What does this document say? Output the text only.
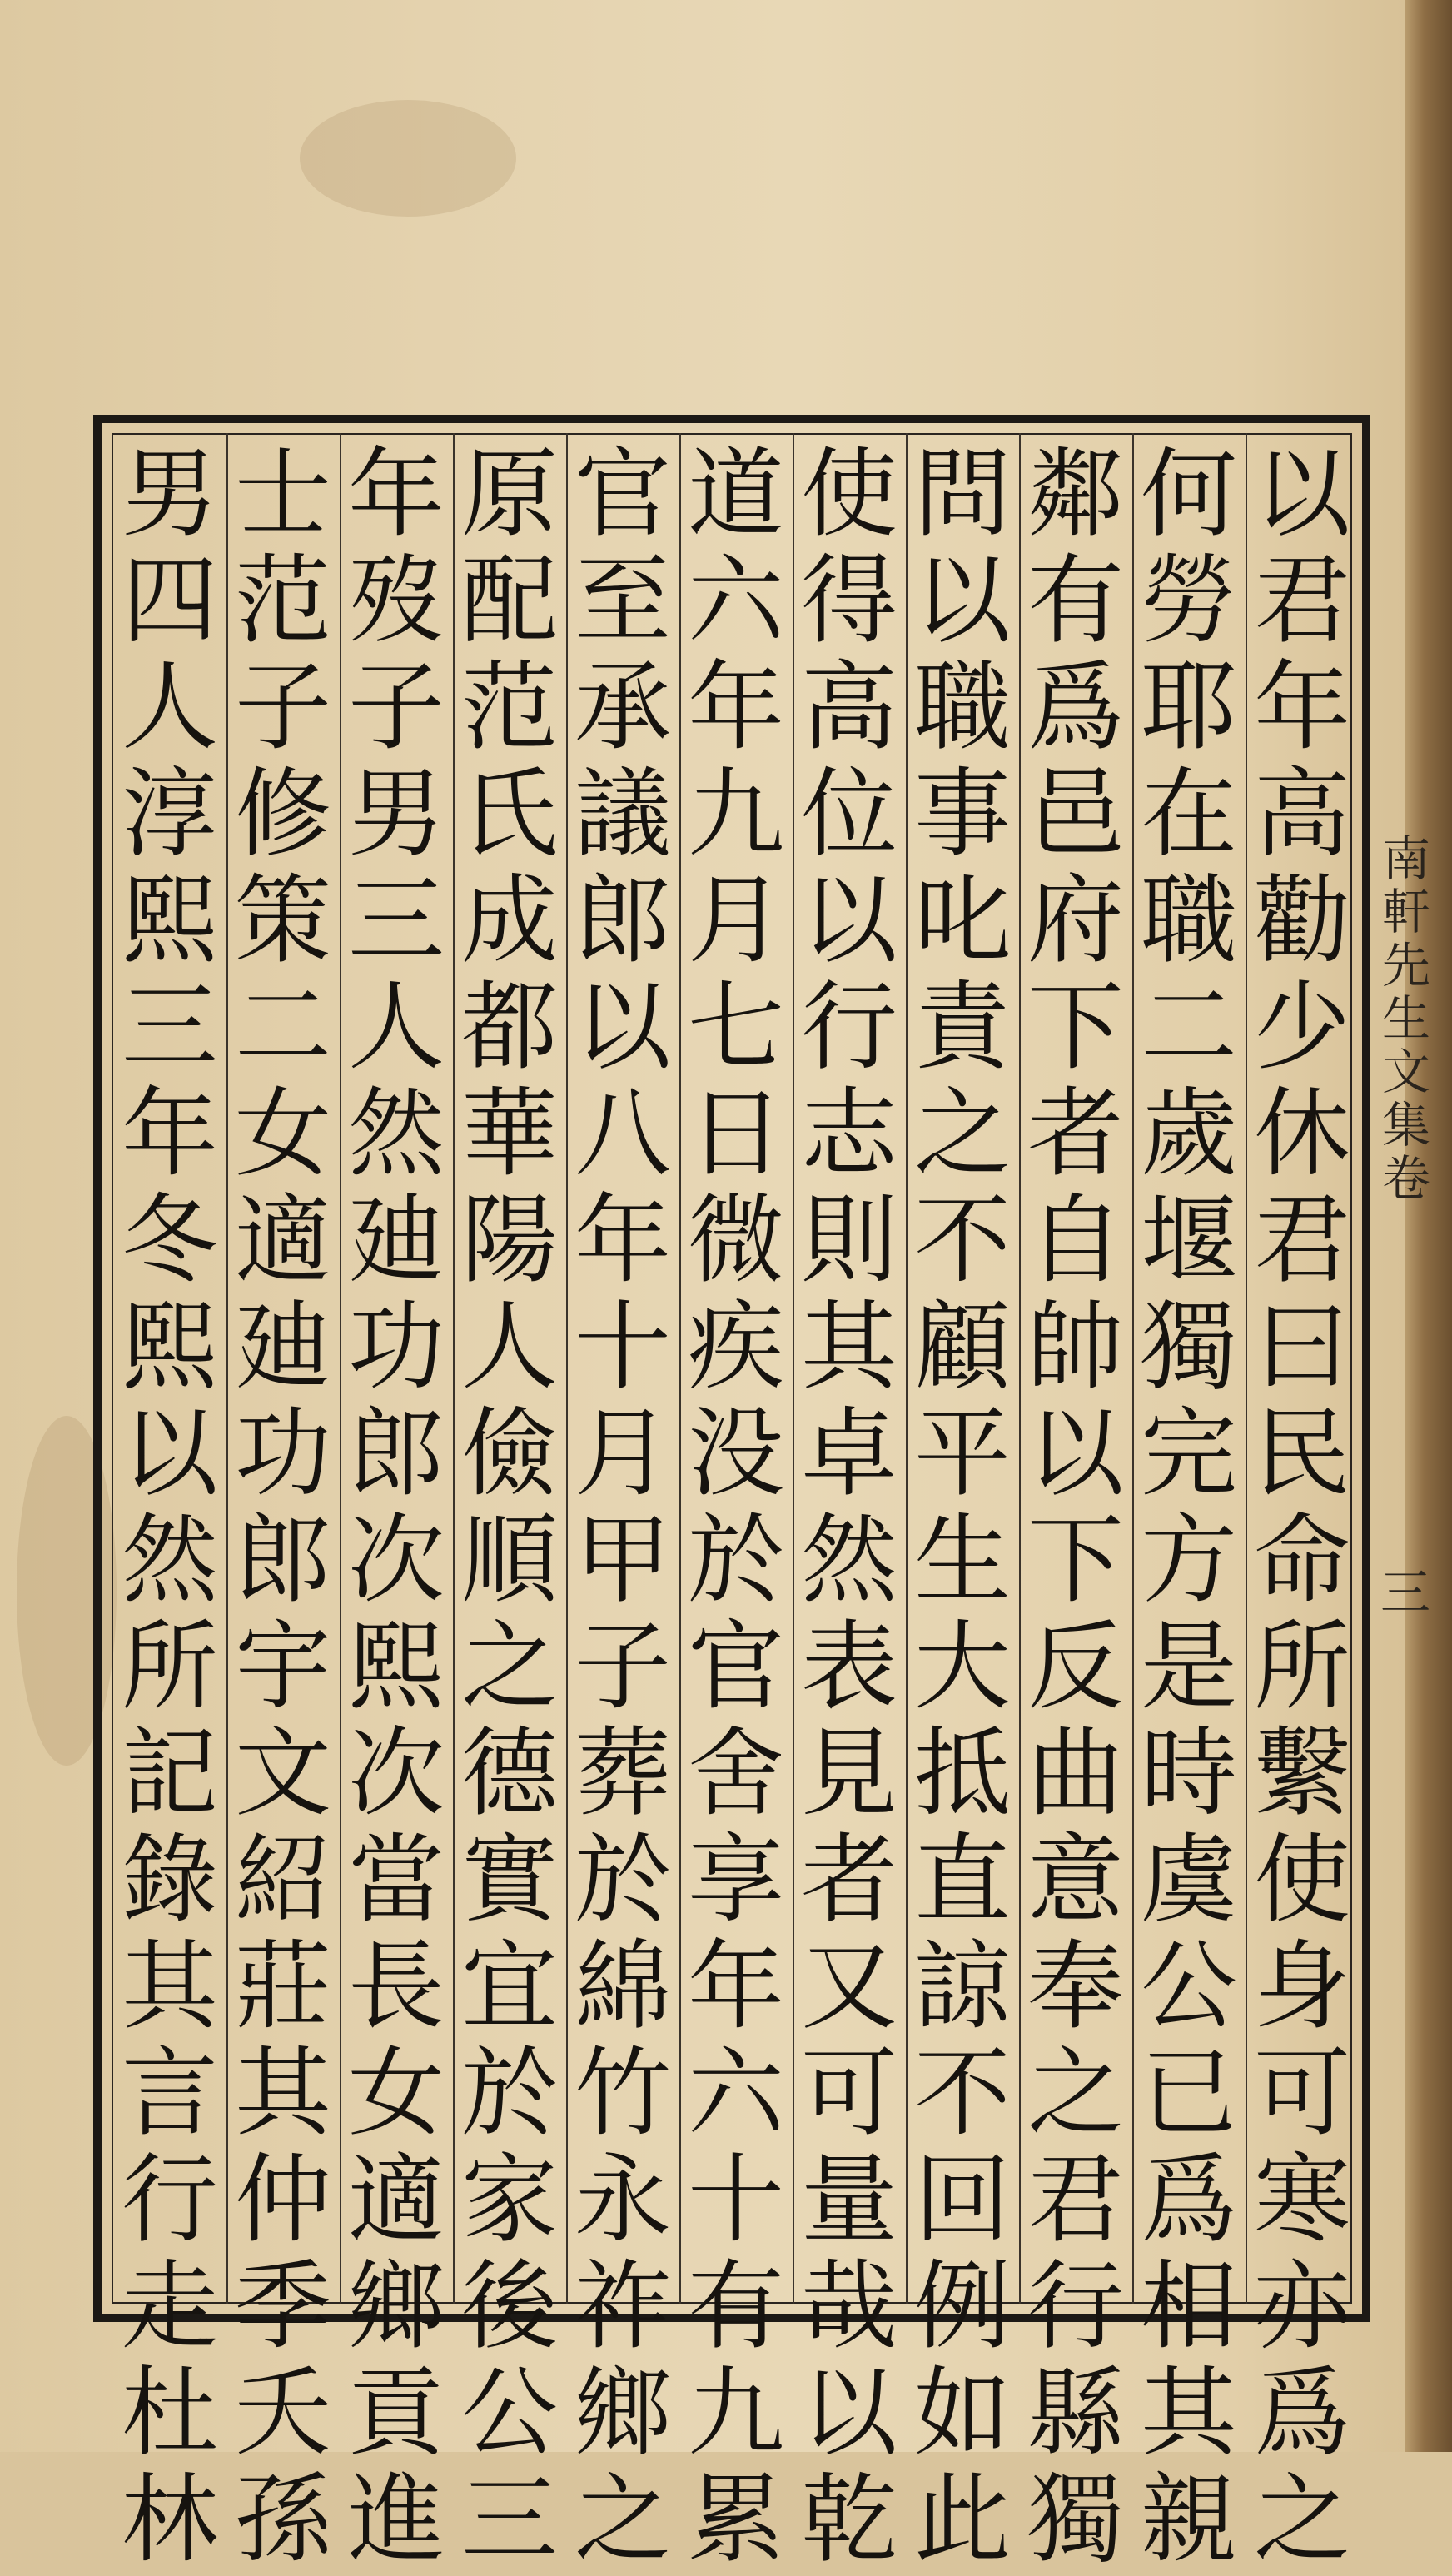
以
君
年
高
勸
少
休
君
曰
民
命
所
繫
使
身
可
寒
亦
爲
之
何
勞
耶
在
職
二
歲
堰
獨
完
方
是
時
虞
公
已
爲
相
其
親
鄰
有
爲
邑
府
下
者
自
帥
以
下
反
曲
意
奉
之
君
行
縣
獨
問
以
職
事
叱
責
之
不
顧
平
生
大
抵
直
諒
不
回
例
如
此
使
得
高
位
以
行
志
則
其
卓
然
表
見
者
又
可
量
哉
以
乾
道
六
年
九
月
七
日
微
疾
没
於
官
舍
享
年
六
十
有
九
累
官
至
承
議
郎
以
八
年
十
月
甲
子
葬
於
綿
竹
永
祚
鄉
之
原
配
范
氏
成
都
華
陽
人
儉
順
之
德
實
宜
於
家
後
公
三
年
歿
子
男
三
人
然
廸
功
郎
次
熙
次
當
長
女
適
鄉
貢
進
士
范
子
修
策
二
女
適
廸
功
郎
宇
文
紹
莊
其
仲
季
夭
孫
男
四
人
淳
熙
三
年
冬
熙
以
然
所
記
錄
其
言
行
走
杜
林
南軒先生文集卷
三
